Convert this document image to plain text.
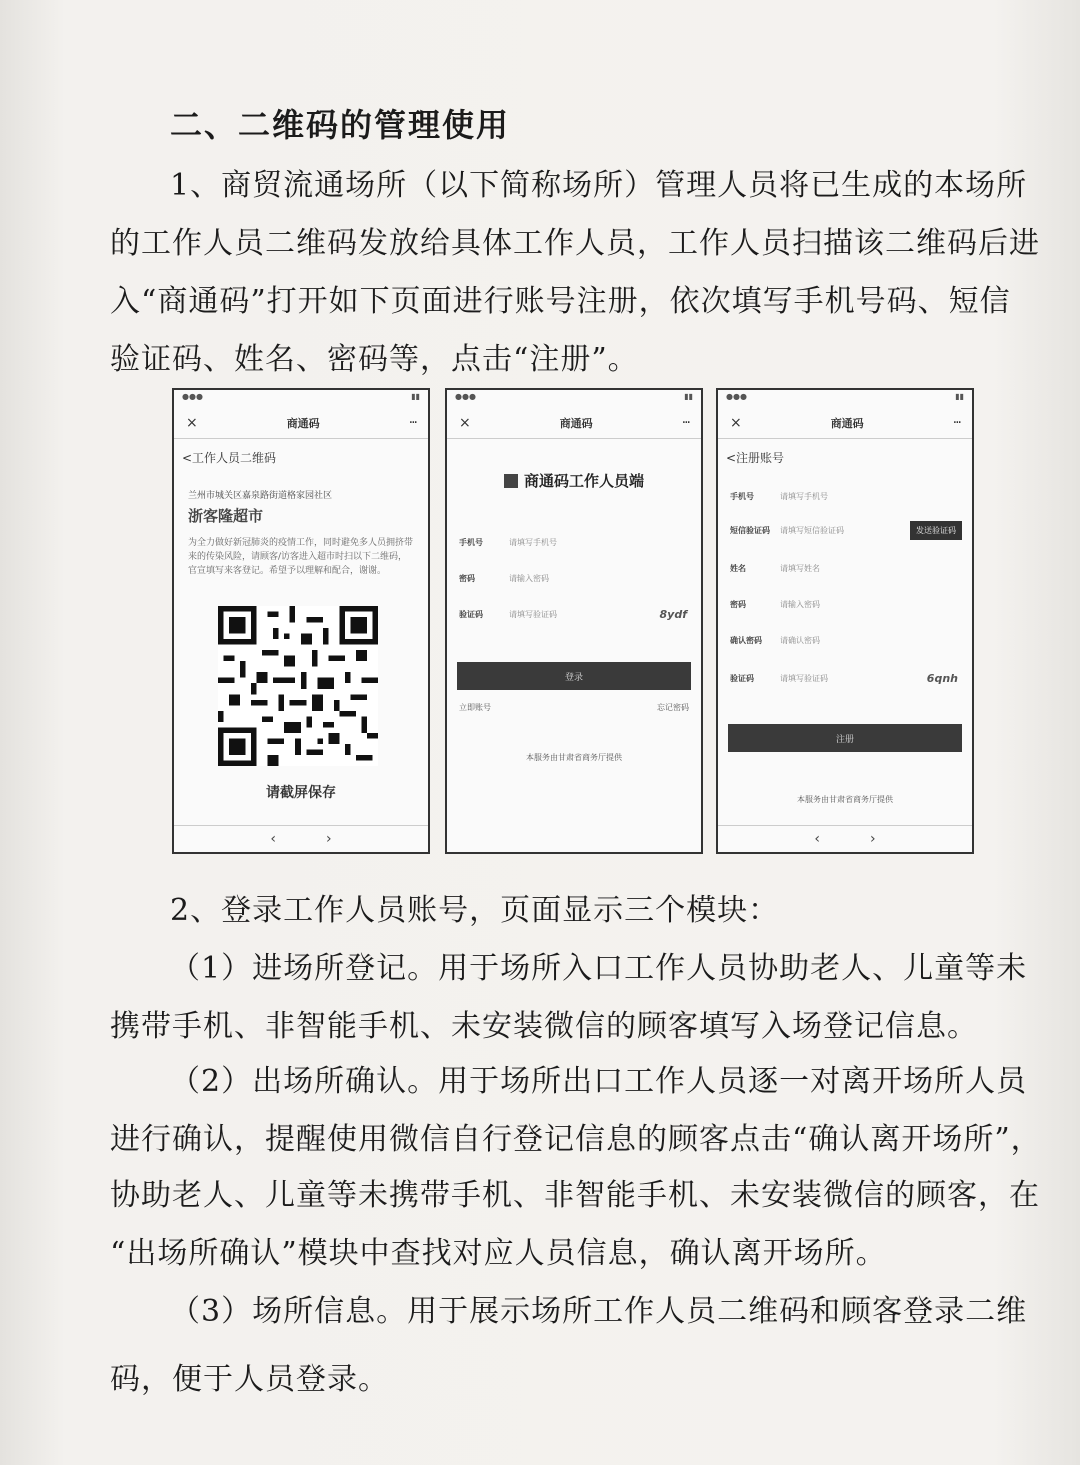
二、二维码的管理使用
1、商贸流通场所（以下简称场所）管理人员将已生成的本场所
的工作人员二维码发放给具体工作人员，工作人员扫描该二维码后进
入“商通码”打开如下页面进行账号注册，依次填写手机号码、短信
验证码、姓名、密码等，点击“注册”。
●●●	▮▮
×	商通码	···
<工作人员二维码
兰州市城关区嘉泉路街道格家园社区
浙客隆超市
为全力做好新冠肺炎的疫情工作，同时避免多人员拥挤带来的传染风险，请顾客/访客进入超市时扫以下二维码，官宣填写来客登记。希望予以理解和配合，谢谢。
请截屏保存
‹	›
●●●	▮▮
×	商通码	···
商通码工作人员端
手机号	请填写手机号
密码	请输入密码
验证码	请填写验证码	8ydf
登录
立即账号	忘记密码
本服务由甘肃省商务厅提供
●●●	▮▮
×	商通码	···
<注册账号
手机号	请填写手机号
短信验证码	请填写短信验证码	发送验证码
姓名	请填写姓名
密码	请输入密码
确认密码	请确认密码
验证码	请填写验证码	6qnh
注册
本服务由甘肃省商务厅提供
‹	›
2、登录工作人员账号，页面显示三个模块：
（1）进场所登记。用于场所入口工作人员协助老人、儿童等未
携带手机、非智能手机、未安装微信的顾客填写入场登记信息。
（2）出场所确认。用于场所出口工作人员逐一对离开场所人员
进行确认，提醒使用微信自行登记信息的顾客点击“确认离开场所”，
协助老人、儿童等未携带手机、非智能手机、未安装微信的顾客，在
“出场所确认”模块中查找对应人员信息，确认离开场所。
（3）场所信息。用于展示场所工作人员二维码和顾客登录二维
码，便于人员登录。
